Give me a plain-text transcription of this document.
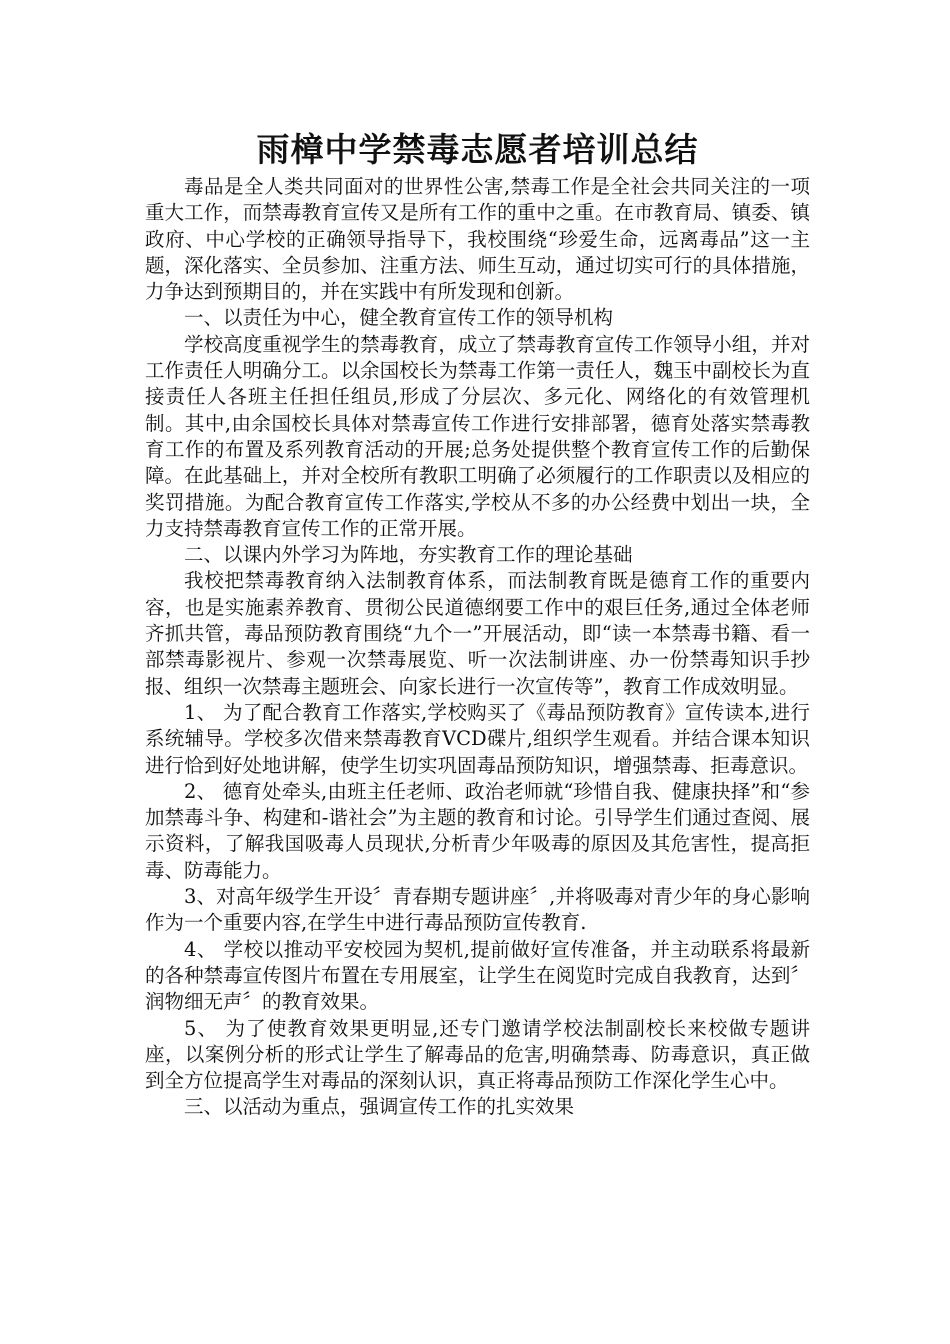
雨樟中学禁毒志愿者培训总结

毒品是全人类共同面对的世界性公害,禁毒工作是全社会共同关注的一项重大工作，而禁毒教育宣传又是所有工作的重中之重。在市教育局、镇委、镇政府、中心学校的正确领导指导下，我校围绕“珍爱生命，远离毒品”这一主题，深化落实、全员参加、注重方法、师生互动，通过切实可行的具体措施，力争达到预期目的，并在实践中有所发现和创新。

一、以责任为中心，健全教育宣传工作的领导机构

学校高度重视学生的禁毒教育，成立了禁毒教育宣传工作领导小组，并对工作责任人明确分工。以余国校长为禁毒工作第一责任人，魏玉中副校长为直接责任人各班主任担任组员,形成了分层次、多元化、网络化的有效管理机制。其中,由余国校长具体对禁毒宣传工作进行安排部署，德育处落实禁毒教育工作的布置及系列教育活动的开展;总务处提供整个教育宣传工作的后勤保障。在此基础上，并对全校所有教职工明确了必须履行的工作职责以及相应的奖罚措施。为配合教育宣传工作落实,学校从不多的办公经费中划出一块，全力支持禁毒教育宣传工作的正常开展。

二、以课内外学习为阵地，夯实教育工作的理论基础

我校把禁毒教育纳入法制教育体系，而法制教育既是德育工作的重要内容，也是实施素养教育、贯彻公民道德纲要工作中的艰巨任务,通过全体老师齐抓共管，毒品预防教育围绕“九个一”开展活动，即“读一本禁毒书籍、看一部禁毒影视片、参观一次禁毒展览、听一次法制讲座、办一份禁毒知识手抄报、组织一次禁毒主题班会、向家长进行一次宣传等”，教育工作成效明显。

1、 为了配合教育工作落实,学校购买了《毒品预防教育》宣传读本,进行系统辅导。学校多次借来禁毒教育VCD碟片,组织学生观看。并结合课本知识进行恰到好处地讲解，使学生切实巩固毒品预防知识，增强禁毒、拒毒意识。

2、 德育处牵头,由班主任老师、政治老师就“珍惜自我、健康抉择”和“参加禁毒斗争、构建和-谐社会”为主题的教育和讨论。引导学生们通过查阅、展示资料，了解我国吸毒人员现状,分析青少年吸毒的原因及其危害性，提高拒毒、防毒能力。

3、对高年级学生开设〞青春期专题讲座〞,并将吸毒对青少年的身心影响作为一个重要内容,在学生中进行毒品预防宣传教育.

4、 学校以推动平安校园为契机,提前做好宣传准备，并主动联系将最新的各种禁毒宣传图片布置在专用展室，让学生在阅览时完成自我教育，达到〞润物细无声〞的教育效果。

5、 为了使教育效果更明显,还专门邀请学校法制副校长来校做专题讲座，以案例分析的形式让学生了解毒品的危害,明确禁毒、防毒意识，真正做到全方位提高学生对毒品的深刻认识，真正将毒品预防工作深化学生心中。

三、以活动为重点，强调宣传工作的扎实效果
